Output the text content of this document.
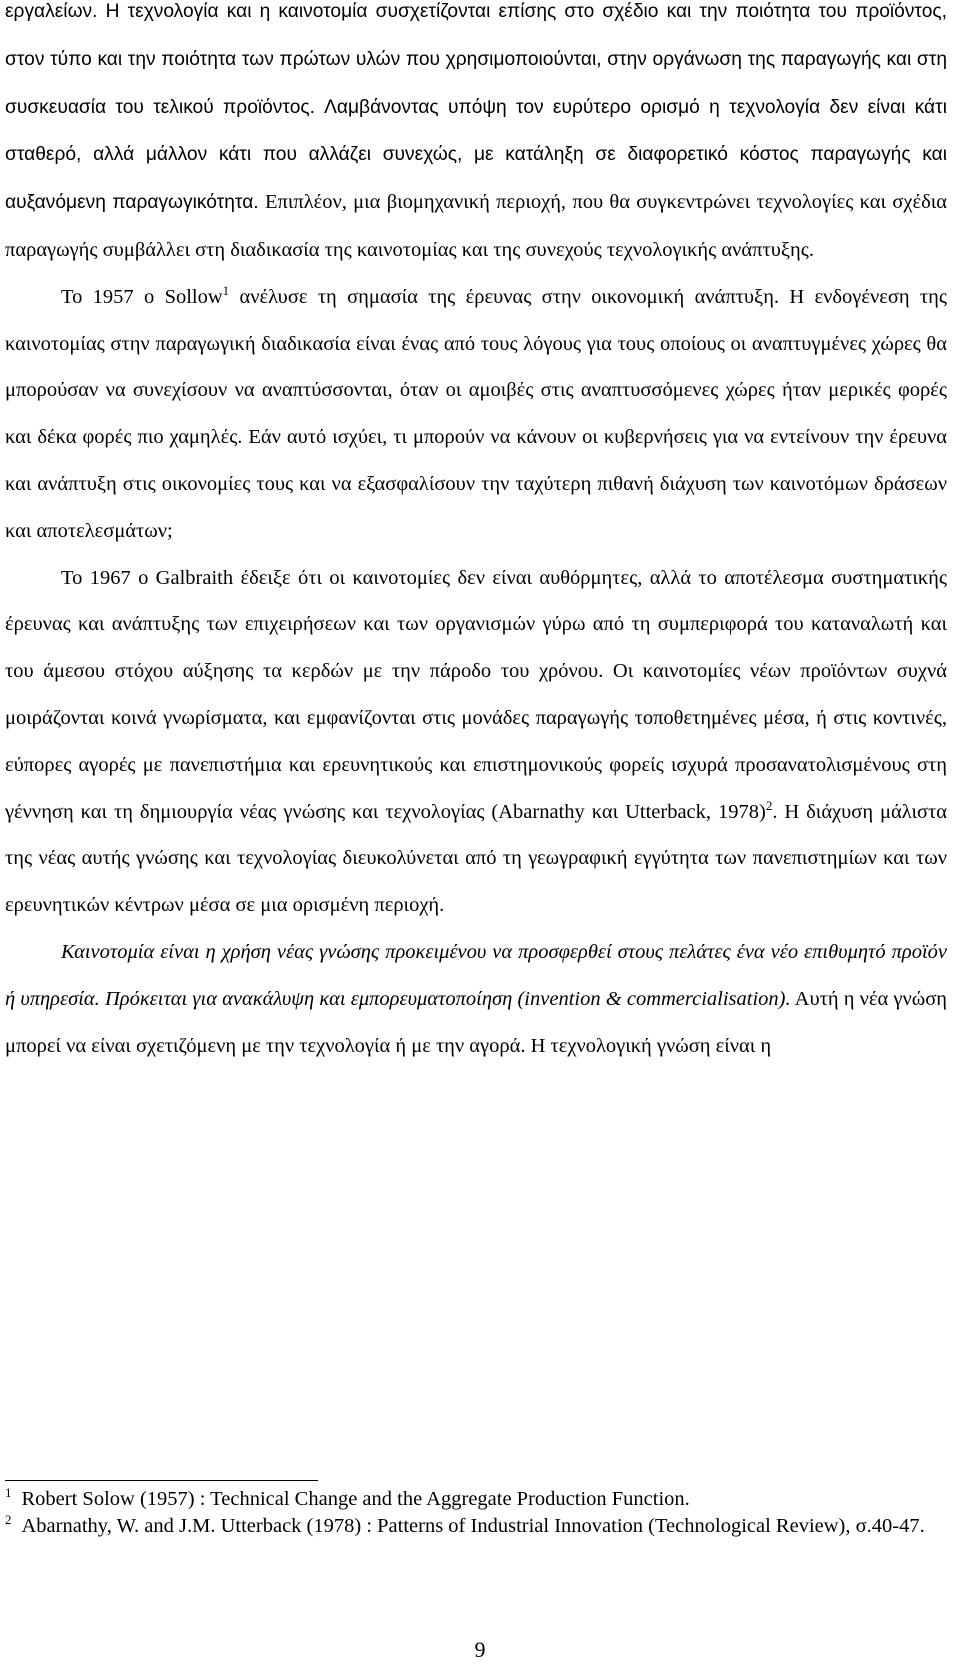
εργαλείων. Η τεχνολογία και η καινοτομία συσχετίζονται επίσης στο σχέδιο και την ποιότητα του προϊόντος, στον τύπο και την ποιότητα των πρώτων υλών που χρησιμοποιούνται, στην οργάνωση της παραγωγής και στη συσκευασία του τελικού προϊόντος. Λαμβάνοντας υπόψη τον ευρύτερο ορισμό η τεχνολογία δεν είναι κάτι σταθερό, αλλά μάλλον κάτι που αλλάζει συνεχώς, με κατάληξη σε διαφορετικό κόστος παραγωγής και αυξανόμενη παραγωγικότητα. Επιπλέον, μια βιομηχανική περιοχή, που θα συγκεντρώνει τεχνολογίες και σχέδια παραγωγής συμβάλλει στη διαδικασία της καινοτομίας και της συνεχούς τεχνολογικής ανάπτυξης.

Το 1957 ο Sollow$^1$ ανέλυσε τη σημασία της έρευνας στην οικονομική ανάπτυξη. Η ενδογένεση της καινοτομίας στην παραγωγική διαδικασία είναι ένας από τους λόγους για τους οποίους οι αναπτυγμένες χώρες θα μπορούσαν να συνεχίσουν να αναπτύσσονται, όταν οι αμοιβές στις αναπτυσσόμενες χώρες ήταν μερικές φορές και δέκα φορές πιο χαμηλές. Εάν αυτό ισχύει, τι μπορούν να κάνουν οι κυβερνήσεις για να εντείνουν την έρευνα και ανάπτυξη στις οικονομίες τους και να εξασφαλίσουν την ταχύτερη πιθανή διάχυση των καινοτόμων δράσεων και αποτελεσμάτων;

Το 1967 ο Galbraith έδειξε ότι οι καινοτομίες δεν είναι αυθόρμητες, αλλά το αποτέλεσμα συστηματικής έρευνας και ανάπτυξης των επιχειρήσεων και των οργανισμών γύρω από τη συμπεριφορά του καταναλωτή και του άμεσου στόχου αύξησης τα κερδών με την πάροδο του χρόνου. Οι καινοτομίες νέων προϊόντων συχνά μοιράζονται κοινά γνωρίσματα, και εμφανίζονται στις μονάδες παραγωγής τοποθετημένες μέσα, ή στις κοντινές, εύπορες αγορές με πανεπιστήμια και ερευνητικούς και επιστημονικούς φορείς ισχυρά προσανατολισμένους στη γέννηση και τη δημιουργία νέας γνώσης και τεχνολογίας (Abarnathy και Utterback, 1978)$^2$. Η διάχυση μάλιστα της νέας αυτής γνώσης και τεχνολογίας διευκολύνεται από τη γεωγραφική εγγύτητα των πανεπιστημίων και των ερευνητικών κέντρων μέσα σε μια ορισμένη περιοχή.

Καινοτομία είναι η χρήση νέας γνώσης προκειμένου να προσφερθεί στους πελάτες ένα νέο επιθυμητό προϊόν ή υπηρεσία. Πρόκειται για ανακάλυψη και εμπορευματοποίηση (invention & commercialisation). Αυτή η νέα γνώση μπορεί να είναι σχετιζόμενη με την τεχνολογία ή με την αγορά. Η τεχνολογική γνώση είναι η

$^1$ Robert Solow (1957) : Technical Change and the Aggregate Production Function.

$^2$ Abarnathy, W. and J.M. Utterback (1978) : Patterns of Industrial Innovation (Technological Review), σ.40-47.

9
